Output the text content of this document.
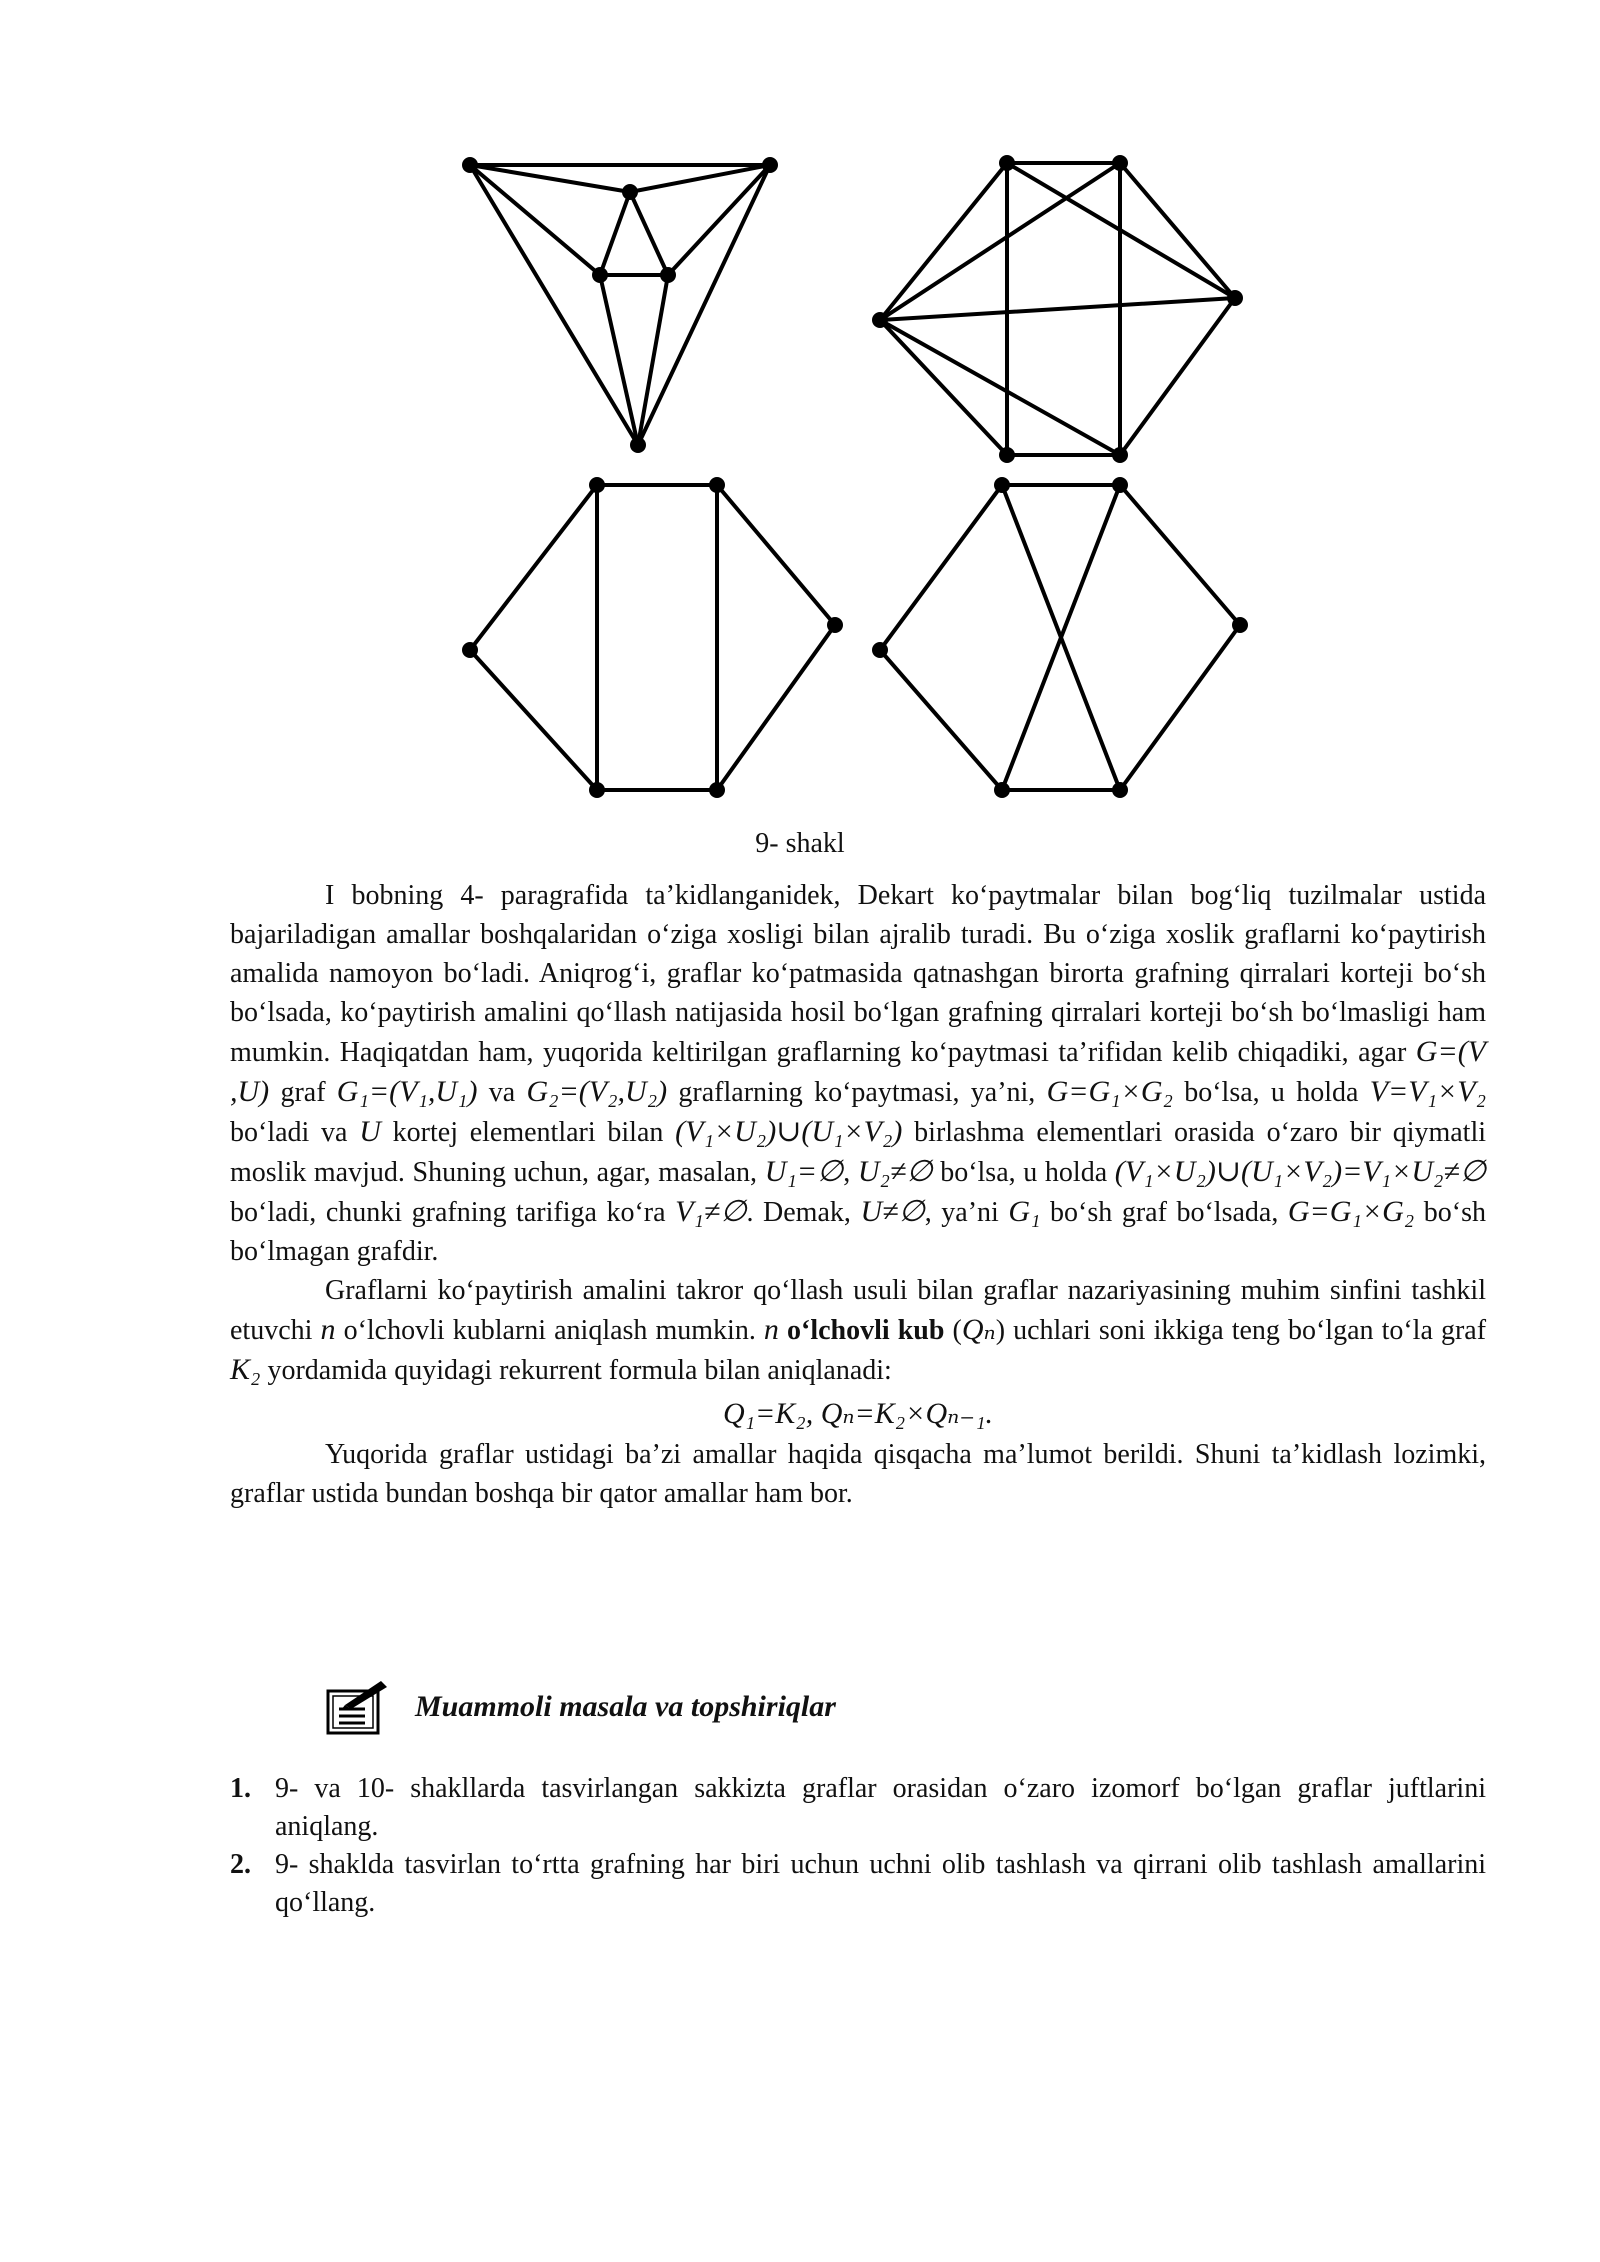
9- shakl

I bobning 4- paragrafida ta’kidlanganidek, Dekart ko‘paytmalar bilan bog‘liq tuzilmalar ustida bajariladigan amallar boshqalaridan o‘ziga xosligi bilan ajralib turadi. Bu o‘ziga xoslik graflarni ko‘paytirish amalida namoyon bo‘ladi. Aniqrog‘i, graflar ko‘patmasida qatnashgan birorta grafning qirralari korteji bo‘sh bo‘lsada, ko‘paytirish amalini qo‘llash natijasida hosil bo‘lgan grafning qirralari korteji bo‘sh bo‘lmasligi ham mumkin. Haqiqatdan ham, yuqorida keltirilgan graflarning ko‘paytmasi ta’rifidan kelib chiqadiki, agar G=(V ,U) graf G₁=(V₁,U₁) va G₂=(V₂,U₂) graflarning ko‘paytmasi, ya’ni, G=G₁×G₂ bo‘lsa, u holda V=V₁×V₂ bo‘ladi va U kortej elementlari bilan (V₁×U₂)∪(U₁×V₂) birlashma elementlari orasida o‘zaro bir qiymatli moslik mavjud. Shuning uchun, agar, masalan, U₁=∅, U₂≠∅ bo‘lsa, u holda (V₁×U₂)∪(U₁×V₂)=V₁×U₂≠∅ bo‘ladi, chunki grafning tarifiga ko‘ra V₁≠∅. Demak, U≠∅, ya’ni G₁ bo‘sh graf bo‘lsada, G=G₁×G₂ bo‘sh bo‘lmagan grafdir.

Graflarni ko‘paytirish amalini takror qo‘llash usuli bilan graflar nazariyasining muhim sinfini tashkil etuvchi n o‘lchovli kublarni aniqlash mumkin. n o‘lchovli kub (Qₙ) uchlari soni ikkiga teng bo‘lgan to‘la graf K₂ yordamida quyidagi rekurrent formula bilan aniqlanadi:

Q₁=K₂, Qₙ=K₂×Qₙ₋₁.

Yuqorida graflar ustidagi ba’zi amallar haqida qisqacha ma’lumot berildi. Shuni ta’kidlash lozimki, graflar ustida bundan boshqa bir qator amallar ham bor.

Muammoli masala va topshiriqlar
1. 9- va 10- shakllarda tasvirlangan sakkizta graflar orasidan o‘zaro izomorf bo‘lgan graflar juftlarini aniqlang.
2. 9- shaklda tasvirlan to‘rtta grafning har biri uchun uchni olib tashlash va qirrani olib tashlash amallarini qo‘llang.
